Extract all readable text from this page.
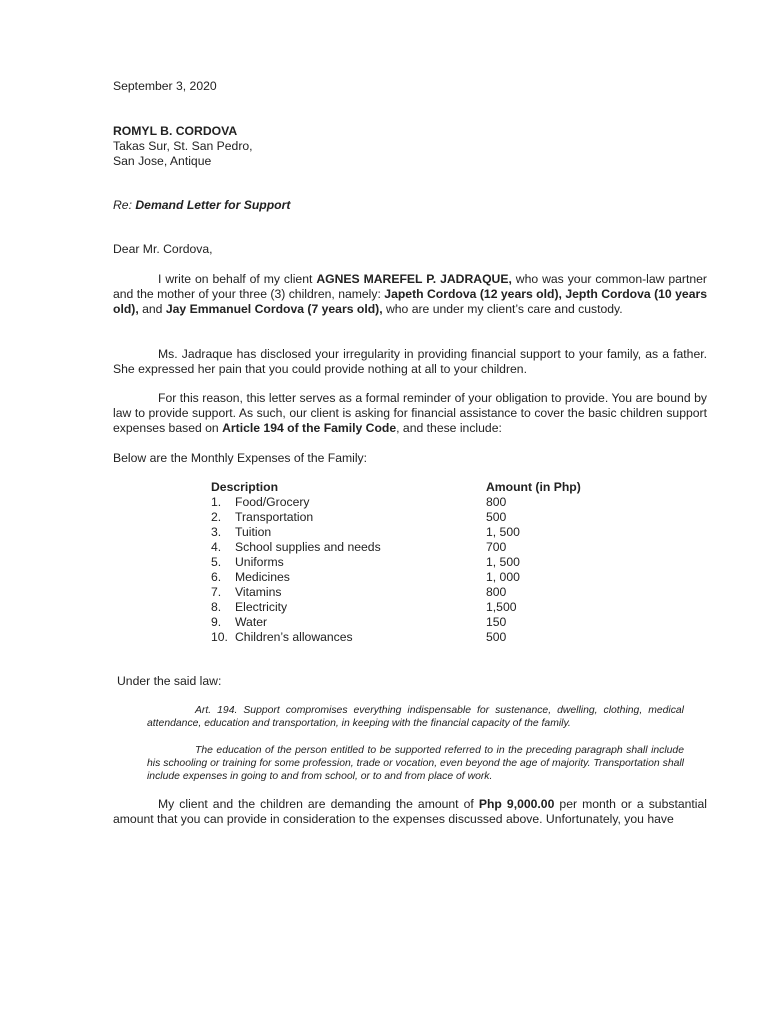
September 3, 2020
ROMYL B. CORDOVA
Takas Sur, St. San Pedro,
San Jose, Antique
Re: Demand Letter for Support
Dear Mr. Cordova,
I write on behalf of my client AGNES MAREFEL P. JADRAQUE, who was your common-law partner and the mother of your three (3) children, namely: Japeth Cordova (12 years old), Jepth Cordova (10 years old), and Jay Emmanuel Cordova (7 years old), who are under my client’s care and custody.
Ms. Jadraque has disclosed your irregularity in providing financial support to your family, as a father. She expressed her pain that you could provide nothing at all to your children.
For this reason, this letter serves as a formal reminder of your obligation to provide. You are bound by law to provide support. As such, our client is asking for financial assistance to cover the basic children support expenses based on Article 194 of the Family Code, and these include:
Below are the Monthly Expenses of the Family:
Description	Amount (in Php)
1. Food/Grocery	800
2. Transportation	500
3. Tuition	1, 500
4. School supplies and needs	700
5. Uniforms	1, 500
6. Medicines	1, 000
7. Vitamins	800
8. Electricity	1,500
9. Water	150
10. Children’s allowances	500
Under the said law:
Art. 194. Support compromises everything indispensable for sustenance, dwelling, clothing, medical attendance, education and transportation, in keeping with the financial capacity of the family.
The education of the person entitled to be supported referred to in the preceding paragraph shall include his schooling or training for some profession, trade or vocation, even beyond the age of majority. Transportation shall include expenses in going to and from school, or to and from place of work.
My client and the children are demanding the amount of Php 9,000.00 per month or a substantial amount that you can provide in consideration to the expenses discussed above. Unfortunately, you have
